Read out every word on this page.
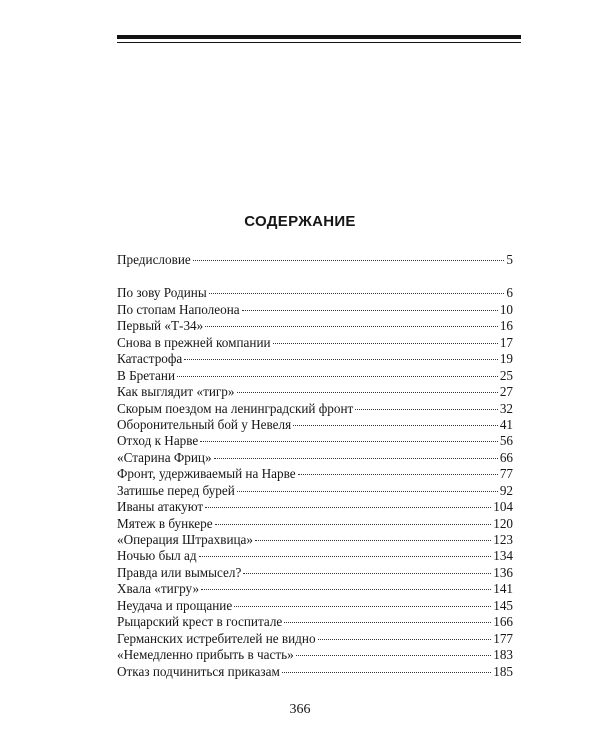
СОДЕРЖАНИЕ
Предисловие	5
По зову Родины	6
По стопам Наполеона	10
Первый «Т-34»	16
Снова в прежней компании	17
Катастрофа	19
В Бретани	25
Как выглядит «тигр»	27
Скорым поездом на ленинградский фронт	32
Оборонительный бой у Невеля	41
Отход к Нарве	56
«Старина Фриц»	66
Фронт, удерживаемый на Нарве	77
Затишье перед бурей	92
Иваны атакуют	104
Мятеж в бункере	120
«Операция Штрахвица»	123
Ночью был ад	134
Правда или вымысел?	136
Хвала «тигру»	141
Неудача и прощание	145
Рыцарский крест в госпитале	166
Германских истребителей не видно	177
«Немедленно прибыть в часть»	183
Отказ подчиниться приказам	185
366
